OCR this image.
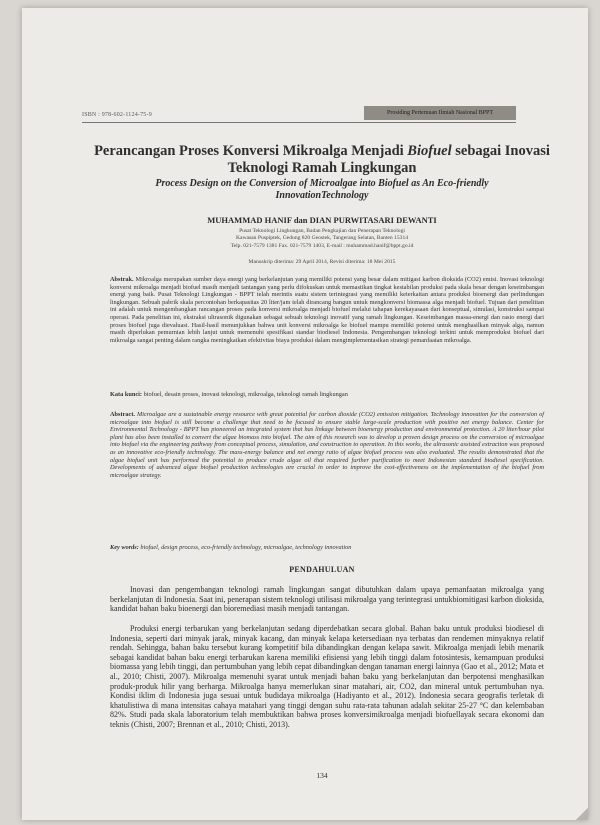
ISBN : 978-602-1124-75-9	Prosiding Pertemuan Ilmiah Nasional BPPT
Perancangan Proses Konversi Mikroalga Menjadi Biofuel sebagai Inovasi Teknologi Ramah Lingkungan
Process Design on the Conversion of Microalgae into Biofuel as An Eco-friendly InnovationTechnology
MUHAMMAD HANIF dan DIAN PURWITASARI DEWANTI
Pusat Teknologi Lingkungan, Badan Pengkajian dan Penerapan Teknologi
Kawasan Puspiptek, Gedung 820 Geostek, Tangerang Selatan, Banten 15314
Telp. 021-7579 1381 Fax. 021-7579 1403, E-mail : muhammad.hanif@bppt.go.id
Manuskrip diterima: 29 April 2014, Revisi diterima: 18 Mei 2015
Abstrak. Mikroalga merupakan sumber daya energi yang berkelanjutan yang memiliki potensi yang besar dalam mitigasi karbon dioksida (CO2) emisi. Inovasi teknologi konversi mikroalga menjadi biofuel masih menjadi tantangan yang perlu difokuskan untuk memastikan tingkat kestabilan produksi pada skala besar dengan keseimbangan energi yang baik. Pusat Teknologi Lingkungan - BPPT telah merintis suatu sistem terintegrasi yang memiliki keterkaitan antara produksi bioenergi dan perlindungan lingkungan. Sebuah pabrik skala percontohan berkapasitas 20 liter/jam telah dirancang bangun untuk mengkonversi biomassa alga menjadi biofuel. Tujuan dari penelitian ini adalah untuk mengembangkan rancangan proses pada konversi mikroalga menjadi biofuel melalui tahapan kerekayasaan dari konseptual, simulasi, konstruksi sampai operasi. Pada penelitian ini, ekstraksi ultrasonik digunakan sebagai sebuah teknologi inovatif yang ramah lingkungan. Keseimbangan massa-energi dan rasio energi dari proses biofuel juga dievaluasi. Hasil-hasil menunjukkan bahwa unit konversi mikroalga ke biofuel mampu memiliki potensi untuk menghasilkan minyak alga, namun masih diperlukan pemurnian lebih lanjut untuk memenuhi spesifikasi standar biodiesel Indonesia. Pengembangan teknologi terkini untuk memproduksi biofuel dari mikroalga sangat penting dalam rangka meningkatkan efektivitas biaya produksi dalam mengimplementasikan strategi pemanfaatan mikroalga.
Kata kunci: biofuel, desain proses, inovasi teknologi, mikroalga, teknologi ramah lingkungan
Abstract. Microalgae are a sustainable energy resource with great potential for carbon dioxide (CO2) emission mitigation. Technology innovation for the conversion of microalgae into biofuel is still become a challenge that need to be focused to ensure stable large-scale production with positive net energy balance. Center for Environmental Technology - BPPT has pioneered an integrated system that has linkage between bioenergy production and environmental protection. A 20 liter/hour pilot plant has also been installed to convert the algae biomass into biofuel. The aim of this research was to develop a proven design process on the conversion of microalgae into biofuel via the engineering pathway from conceptual process, simulation, and construction to operation. In this works, the ultrasonic assisted extraction was proposed as an innovative eco-friendly technology. The mass-energy balance and net energy ratio of algae biofuel process was also evaluated. The results demonstrated that the algae biofuel unit has performed the potential to produce crude algae oil that required further purification to meet Indonesian standard biodiesel specification. Developments of advanced algae biofuel production technologies are crucial in order to improve the cost-effectiveness on the implementation of the biofuel from microalgae strategy.
Key words: biofuel, design process, eco-friendly technology, microalgae, technology innovation
PENDAHULUAN
Inovasi dan pengembangan teknologi ramah lingkungan sangat dibutuhkan dalam upaya pemanfaatan mikroalga yang berkelanjutan di Indonesia. Saat ini, penerapan sistem teknologi utilisasi mikroalga yang terintegrasi untukbiomitigasi karbon dioksida, kandidat bahan baku bioenergi dan bioremediasi masih menjadi tantangan.
Produksi energi terbarukan yang berkelanjutan sedang diperdebatkan secara global. Bahan baku untuk produksi biodiesel di Indonesia, seperti dari minyak jarak, minyak kacang, dan minyak kelapa ketersediaan nya terbatas dan rendemen minyaknya relatif rendah. Sehingga, bahan baku tersebut kurang kompetitif bila dibandingkan dengan kelapa sawit. Mikroalga menjadi lebih menarik sebagai kandidat bahan baku energi terbarukan karena memiliki efisiensi yang lebih tinggi dalam fotosintesis, kemampuan produksi biomassa yang lebih tinggi, dan pertumbuhan yang lebih cepat dibandingkan dengan tanaman energi lainnya (Gao et al., 2012; Mata et al., 2010; Chisti, 2007). Mikroalga memenuhi syarat untuk menjadi bahan baku yang berkelanjutan dan berpotensi menghasilkan produk-produk hilir yang berharga. Mikroalga hanya memerlukan sinar matahari, air, CO2, dan mineral untuk pertumbuhan nya. Kondisi iklim di Indonesia juga sesuai untuk budidaya mikroalga (Hadiyanto et al., 2012). Indonesia secara geografis terletak di khatulistiwa di mana intensitas cahaya matahari yang tinggi dengan suhu rata-rata tahunan adalah sekitar 25-27 °C dan kelembaban 82%. Studi pada skala laboratorium telah membuktikan bahwa proses konversimikroalga menjadi biofuellayak secara ekonomi dan teknis (Chisti, 2007; Brennan et al., 2010; Chisti, 2013).
134
